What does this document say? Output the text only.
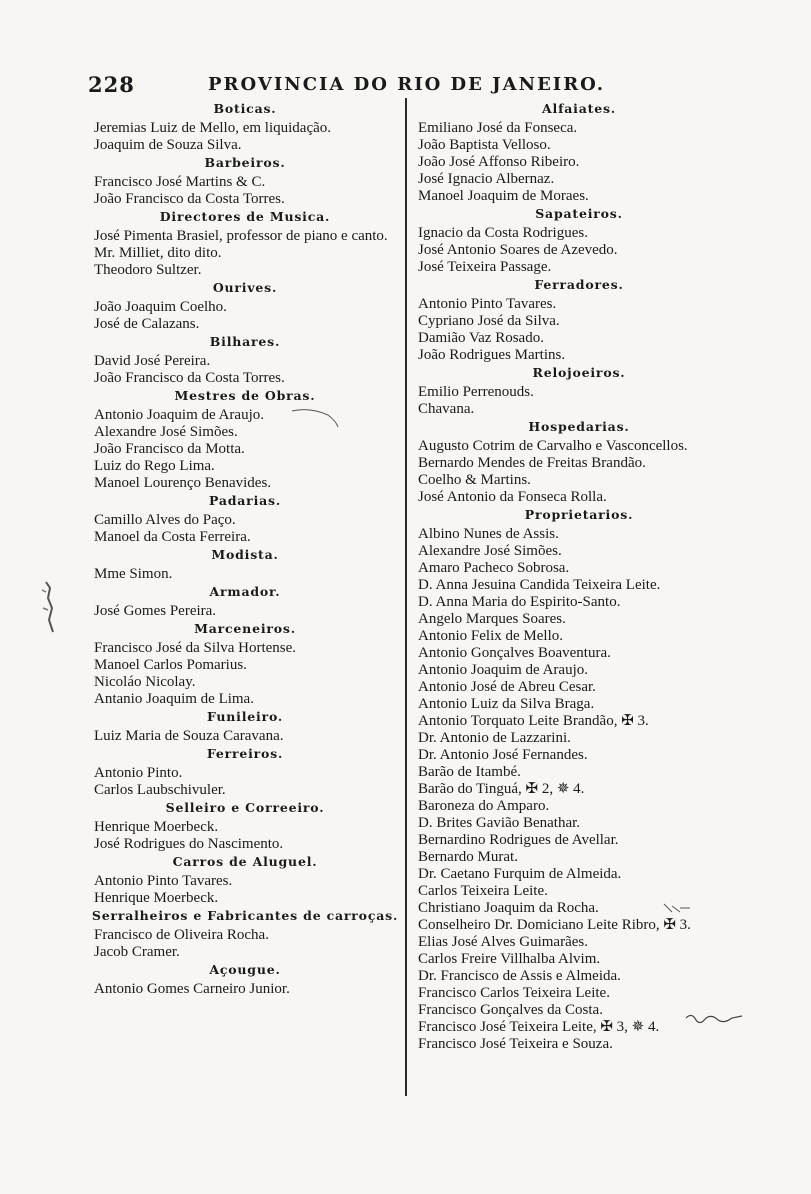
228	PROVINCIA DO RIO DE JANEIRO.
Boticas.
Jeremias Luiz de Mello, em liquidação.
Joaquim de Souza Silva.
Barbeiros.
Francisco José Martins & C.
João Francisco da Costa Torres.
Directores de Musica.
José Pimenta Brasiel, professor de piano e canto.
Mr. Milliet, dito dito.
Theodoro Sultzer.
Ourives.
João Joaquim Coelho.
José de Calazans.
Bilhares.
David José Pereira.
João Francisco da Costa Torres.
Mestres de Obras.
Antonio Joaquim de Araujo.
Alexandre José Simões.
João Francisco da Motta.
Luiz do Rego Lima.
Manoel Lourenço Benavides.
Padarias.
Camillo Alves do Paço.
Manoel da Costa Ferreira.
Modista.
Mme Simon.
Armador.
José Gomes Pereira.
Marceneiros.
Francisco José da Silva Hortense.
Manoel Carlos Pomarius.
Nicoláo Nicolay.
Antanio Joaquim de Lima.
Funileiro.
Luiz Maria de Souza Caravana.
Ferreiros.
Antonio Pinto.
Carlos Laubschivuler.
Selleiro e Correeiro.
Henrique Moerbeck.
José Rodrigues do Nascimento.
Carros de Aluguel.
Antonio Pinto Tavares.
Henrique Moerbeck.
Serralheiros e Fabricantes de carroças.
Francisco de Oliveira Rocha.
Jacob Cramer.
Açougue.
Antonio Gomes Carneiro Junior.
Alfaiates.
Emiliano José da Fonseca.
João Baptista Velloso.
João José Affonso Ribeiro.
José Ignacio Albernaz.
Manoel Joaquim de Moraes.
Sapateiros.
Ignacio da Costa Rodrigues.
José Antonio Soares de Azevedo.
José Teixeira Passage.
Ferradores.
Antonio Pinto Tavares.
Cypriano José da Silva.
Damião Vaz Rosado.
João Rodrigues Martins.
Relojoeiros.
Emilio Perrenouds.
Chavana.
Hospedarias.
Augusto Cotrim de Carvalho e Vasconcellos.
Bernardo Mendes de Freitas Brandão.
Coelho & Martins.
José Antonio da Fonseca Rolla.
Proprietarios.
Albino Nunes de Assis.
Alexandre José Simões.
Amaro Pacheco Sobrosa.
D. Anna Jesuina Candida Teixeira Leite.
D. Anna Maria do Espirito-Santo.
Angelo Marques Soares.
Antonio Felix de Mello.
Antonio Gonçalves Boaventura.
Antonio Joaquim de Araujo.
Antonio José de Abreu Cesar.
Antonio Luiz da Silva Braga.
Antonio Torquato Leite Brandão, ✠ 3.
Dr. Antonio de Lazzarini.
Dr. Antonio José Fernandes.
Barão de Itambé.
Barão do Tinguá, ✠ 2, ✵ 4.
Baroneza do Amparo.
D. Brites Gavião Benathar.
Bernardino Rodrigues de Avellar.
Bernardo Murat.
Dr. Caetano Furquim de Almeida.
Carlos Teixeira Leite.
Christiano Joaquim da Rocha.
Conselheiro Dr. Domiciano Leite Ribro, ✠ 3.
Elias José Alves Guimarães.
Carlos Freire Villhalba Alvim.
Dr. Francisco de Assis e Almeida.
Francisco Carlos Teixeira Leite.
Francisco Gonçalves da Costa.
Francisco José Teixeira Leite, ✠ 3, ✵ 4.
Francisco José Teixeira e Souza.
